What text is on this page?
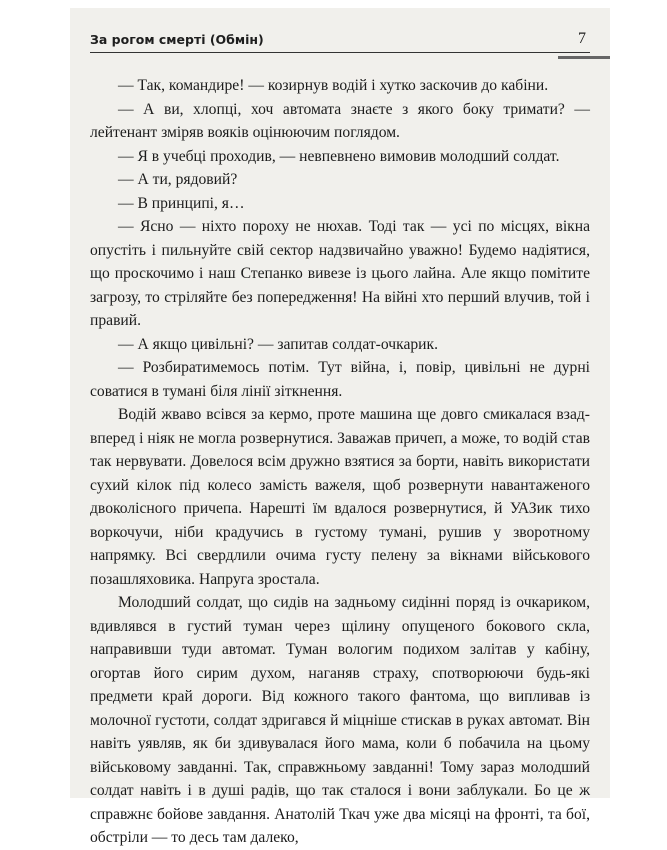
За рогом смерті (Обмін)	7

— Так, командире! — козирнув водій і хутко заскочив до кабіни.

— А ви, хлопці, хоч автомата знаєте з якого боку тримати? — лейтенант зміряв вояків оцінюючим поглядом.

— Я в учебці проходив, — невпевнено вимовив молодший солдат.

— А ти, рядовий?

— В принципі, я…

— Ясно — ніхто пороху не нюхав. Тоді так — усі по місцях, вікна опустіть і пильнуйте свій сектор надзвичайно уважно! Будемо надіятися, що проскочимо і наш Степанко вивезе із цього лайна. Але якщо помітите загрозу, то стріляйте без попередження! На війні хто перший влучив, той і правий.

— А якщо цивільні? — запитав солдат-очкарик.

— Розбиратимемось потім. Тут війна, і, повір, цивільні не дурні соватися в тумані біля лінії зіткнення.

Водій жваво всівся за кермо, проте машина ще довго смикалася взад-вперед і ніяк не могла розвернутися. Заважав причеп, а може, то водій став так нервувати. Довелося всім дружно взятися за борти, навіть використати сухий кілок під колесо замість важеля, щоб розвернути навантаженого двоколісного причепа. Нарешті їм вдалося розвернутися, й УАЗик тихо воркочучи, ніби крадучись в густому тумані, рушив у зворотному напрямку. Всі свердлили очима густу пелену за вікнами військового позашляховика. Напруга зростала.

Молодший солдат, що сидів на задньому сидінні поряд із очкариком, вдивлявся в густий туман через щілину опущеного бокового скла, направивши туди автомат. Туман вологим подихом залітав у кабіну, огортав його сирим духом, наганяв страху, спотворюючи будь-які предмети край дороги. Від кожного такого фантома, що випливав із молочної густоти, солдат здригався й міцніше стискав в руках автомат. Він навіть уявляв, як би здивувалася його мама, коли б побачила на цьому військовому завданні. Так, справжньому завданні! Тому зараз молодший солдат навіть і в душі радів, що так сталося і вони заблукали. Бо це ж справжнє бойове завдання. Анатолій Ткач уже два місяці на фронті, та бої, обстріли — то десь там далеко,
